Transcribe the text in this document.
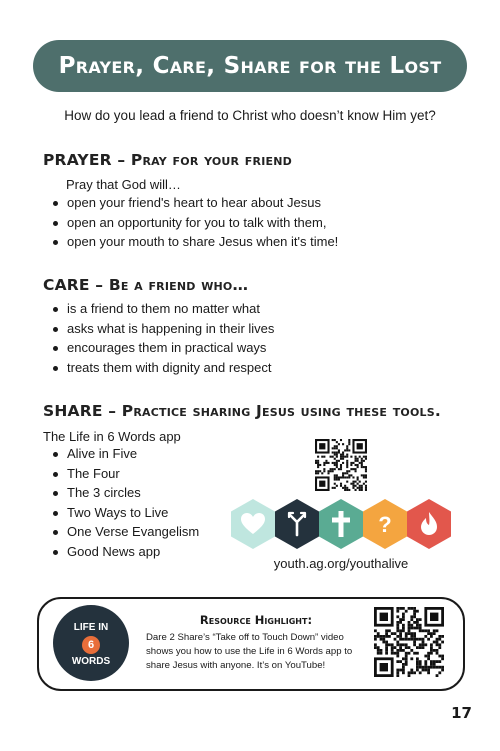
Prayer, Care, Share for the Lost
How do you lead a friend to Christ who doesn’t know Him yet?
PRAYER – Pray for your friend
Pray that God will…
open your friend's heart to hear about Jesus
open an opportunity for you to talk with them,
open your mouth to share Jesus when it's time!
CARE – Be a friend who…
is a friend to them no matter what
asks what is happening in their lives
encourages them in practical ways
treats them with dignity and respect
SHARE – Practice sharing Jesus using these tools.
The Life in 6 Words app
Alive in Five
The Four
The 3 circles
Two Ways to Live
One Verse Evangelism
Good News app
?
youth.ag.org/youthalive
LIFE IN
6
WORDS
Resource Highlight:
Dare 2 Share’s “Take off to Touch Down” video shows you how to use the Life in 6 Words app to share Jesus with anyone. It’s on YouTube!
17
